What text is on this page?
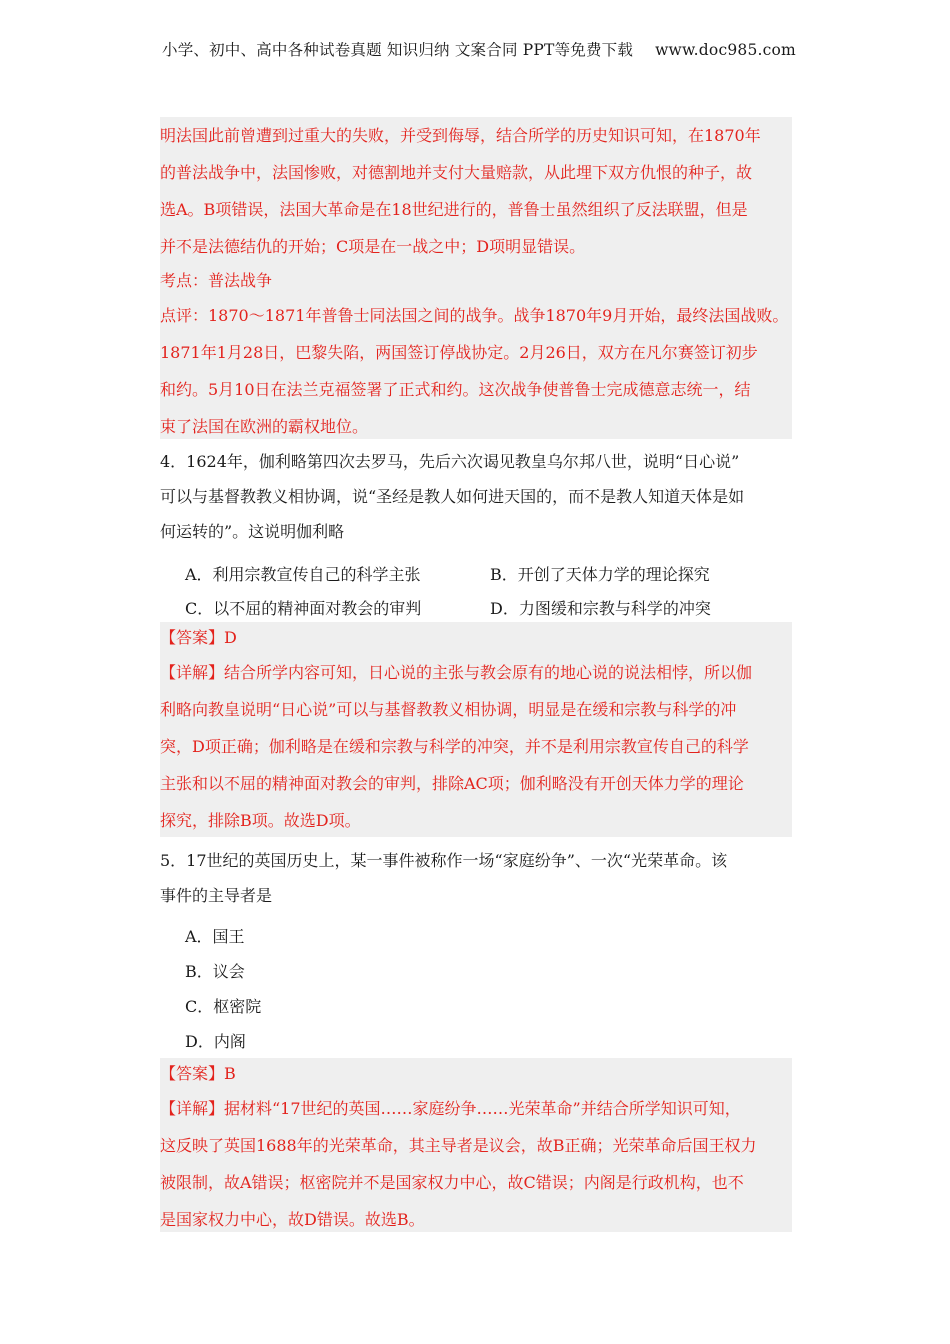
小学、初中、高中各种试卷真题 知识归纳 文案合同 PPT等免费下载 www.doc985.com
明法国此前曾遭到过重大的失败，并受到侮辱，结合所学的历史知识可知，在1870年
的普法战争中，法国惨败，对德割地并支付大量赔款，从此埋下双方仇恨的种子，故
选A。B项错误，法国大革命是在18世纪进行的，普鲁士虽然组织了反法联盟，但是
并不是法德结仇的开始；C项是在一战之中；D项明显错误。
考点：普法战争
点评：1870～1871年普鲁士同法国之间的战争。战争1870年9月开始，最终法国战败。
1871年1月28日，巴黎失陷，两国签订停战协定。2月26日，双方在凡尔赛签订初步
和约。5月10日在法兰克福签署了正式和约。这次战争使普鲁士完成德意志统一，结
束了法国在欧洲的霸权地位。
4．1624年，伽利略第四次去罗马，先后六次谒见教皇乌尔邦八世，说明“日心说”
可以与基督教教义相协调，说“圣经是教人如何进天国的，而不是教人知道天体是如
何运转的”。这说明伽利略
A．利用宗教宣传自己的科学主张	B．开创了天体力学的理论探究
C．以不屈的精神面对教会的审判	D．力图缓和宗教与科学的冲突
【答案】D
【详解】结合所学内容可知，日心说的主张与教会原有的地心说的说法相悖，所以伽
利略向教皇说明“日心说”可以与基督教教义相协调，明显是在缓和宗教与科学的冲
突，D项正确；伽利略是在缓和宗教与科学的冲突，并不是利用宗教宣传自己的科学
主张和以不屈的精神面对教会的审判，排除AC项；伽利略没有开创天体力学的理论
探究，排除B项。故选D项。
5．17世纪的英国历史上，某一事件被称作一场“家庭纷争”、一次“光荣革命。该
事件的主导者是
A．国王
B．议会
C．枢密院
D．内阁
【答案】B
【详解】据材料“17世纪的英国……家庭纷争……光荣革命”并结合所学知识可知，
这反映了英国1688年的光荣革命，其主导者是议会，故B正确；光荣革命后国王权力
被限制，故A错误；枢密院并不是国家权力中心，故C错误；内阁是行政机构，也不
是国家权力中心，故D错误。故选B。
